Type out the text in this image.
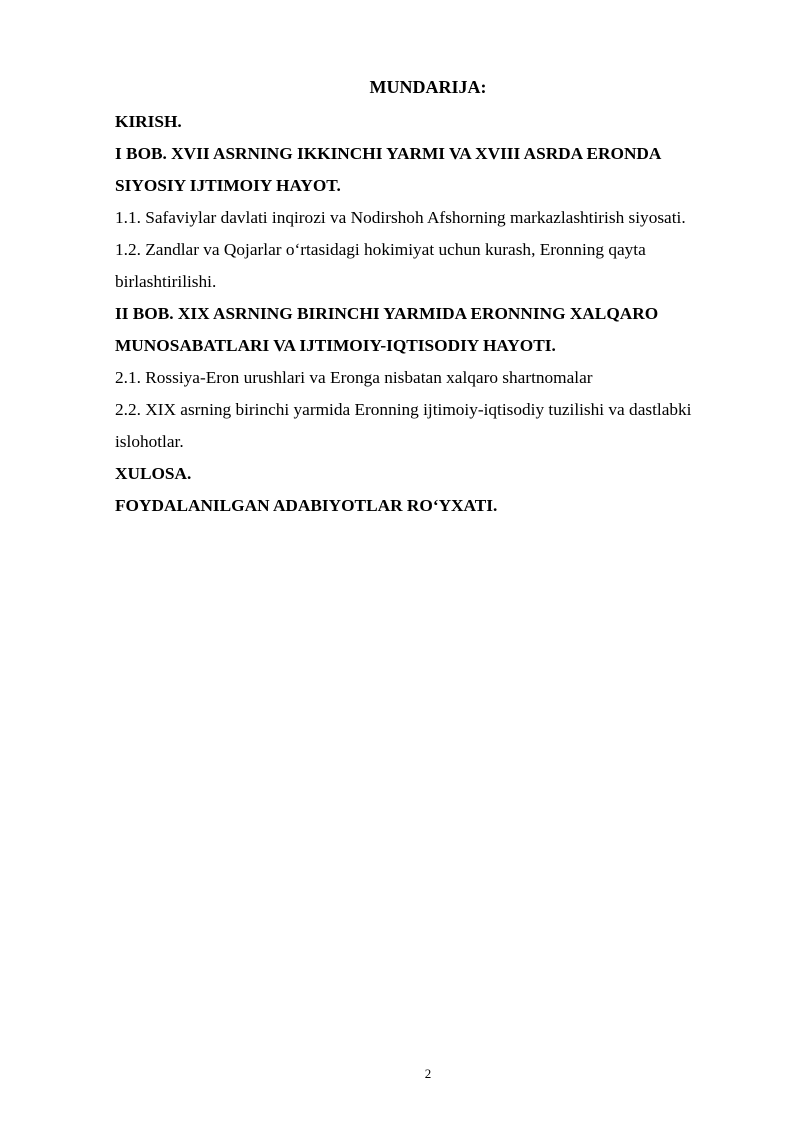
MUNDARIJA:
KIRISH.
I BOB. XVII ASRNING IKKINCHI YARMI VA XVIII ASRDA ERONDA
SIYOSIY IJTIMOIY HAYOT.
1.1. Safaviylar davlati inqirozi va Nodirshoh Afshorning markazlashtirish siyosati.
1.2. Zandlar va Qojarlar oʻrtasidagi hokimiyat uchun kurash, Eronning qayta
birlashtirilishi.
II BOB. XIX ASRNING BIRINCHI YARMIDA ERONNING XALQARO
MUNOSABATLARI VA IJTIMOIY-IQTISODIY HAYOTI.
2.1. Rossiya-Eron urushlari va Eronga nisbatan xalqaro shartnomalar
2.2. XIX asrning birinchi yarmida Eronning ijtimoiy-iqtisodiy tuzilishi va dastlabki
islohotlar.
XULOSA.
FOYDALANILGAN ADABIYOTLAR ROʻYXATI.
2
